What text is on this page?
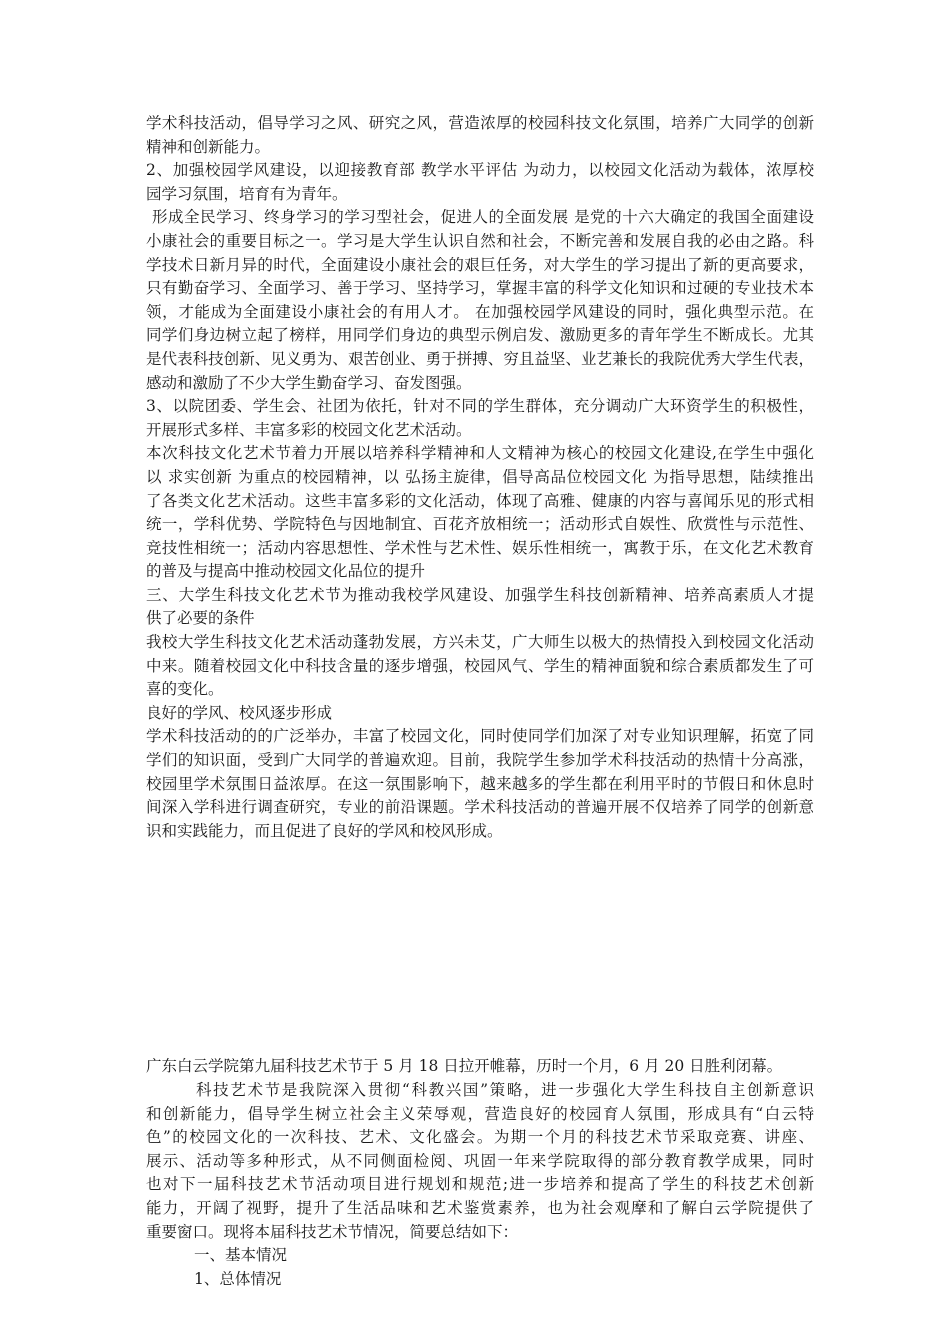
学术科技活动，倡导学习之风、研究之风，营造浓厚的校园科技文化氛围，培养广大同学的创新
精神和创新能力。
2、加强校园学风建设，以迎接教育部 教学水平评估 为动力，以校园文化活动为载体，浓厚校
园学习氛围，培育有为青年。
形成全民学习、终身学习的学习型社会，促进人的全面发展 是党的十六大确定的我国全面建设
小康社会的重要目标之一。学习是大学生认识自然和社会，不断完善和发展自我的必由之路。科
学技术日新月异的时代，全面建设小康社会的艰巨任务，对大学生的学习提出了新的更高要求，
只有勤奋学习、全面学习、善于学习、坚持学习，掌握丰富的科学文化知识和过硬的专业技术本
领，才能成为全面建设小康社会的有用人才。 在加强校园学风建设的同时，强化典型示范。在
同学们身边树立起了榜样，用同学们身边的典型示例启发、激励更多的青年学生不断成长。尤其
是代表科技创新、见义勇为、艰苦创业、勇于拼搏、穷且益坚、业艺兼长的我院优秀大学生代表，
感动和激励了不少大学生勤奋学习、奋发图强。
3、以院团委、学生会、社团为依托，针对不同的学生群体，充分调动广大环资学生的积极性，
开展形式多样、丰富多彩的校园文化艺术活动。
本次科技文化艺术节着力开展以培养科学精神和人文精神为核心的校园文化建设,在学生中强化
以 求实创新 为重点的校园精神，以 弘扬主旋律，倡导高品位校园文化 为指导思想，陆续推出
了各类文化艺术活动。这些丰富多彩的文化活动，体现了高雅、健康的内容与喜闻乐见的形式相
统一，学科优势、学院特色与因地制宜、百花齐放相统一；活动形式自娱性、欣赏性与示范性、
竞技性相统一；活动内容思想性、学术性与艺术性、娱乐性相统一，寓教于乐，在文化艺术教育
的普及与提高中推动校园文化品位的提升
三、大学生科技文化艺术节为推动我校学风建设、加强学生科技创新精神、培养高素质人才提
供了必要的条件
我校大学生科技文化艺术活动蓬勃发展，方兴未艾，广大师生以极大的热情投入到校园文化活动
中来。随着校园文化中科技含量的逐步增强，校园风气、学生的精神面貌和综合素质都发生了可
喜的变化。
良好的学风、校风逐步形成
学术科技活动的的广泛举办，丰富了校园文化，同时使同学们加深了对专业知识理解，拓宽了同
学们的知识面，受到广大同学的普遍欢迎。目前，我院学生参加学术科技活动的热情十分高涨，
校园里学术氛围日益浓厚。在这一氛围影响下，越来越多的学生都在利用平时的节假日和休息时
间深入学科进行调查研究，专业的前沿课题。学术科技活动的普遍开展不仅培养了同学的创新意
识和实践能力，而且促进了良好的学风和校风形成。
广东白云学院第九届科技艺术节于 5 月 18 日拉开帷幕，历时一个月，6 月 20 日胜利闭幕。
科技艺术节是我院深入贯彻“科教兴国”策略，进一步强化大学生科技自主创新意识
和创新能力，倡导学生树立社会主义荣辱观，营造良好的校园育人氛围，形成具有“白云特
色”的校园文化的一次科技、艺术、文化盛会。为期一个月的科技艺术节采取竞赛、讲座、
展示、活动等多种形式，从不同侧面检阅、巩固一年来学院取得的部分教育教学成果，同时
也对下一届科技艺术节活动项目进行规划和规范;进一步培养和提高了学生的科技艺术创新
能力，开阔了视野，提升了生活品味和艺术鉴赏素养，也为社会观摩和了解白云学院提供了
重要窗口。现将本届科技艺术节情况，简要总结如下：
一、基本情况
1、总体情况
